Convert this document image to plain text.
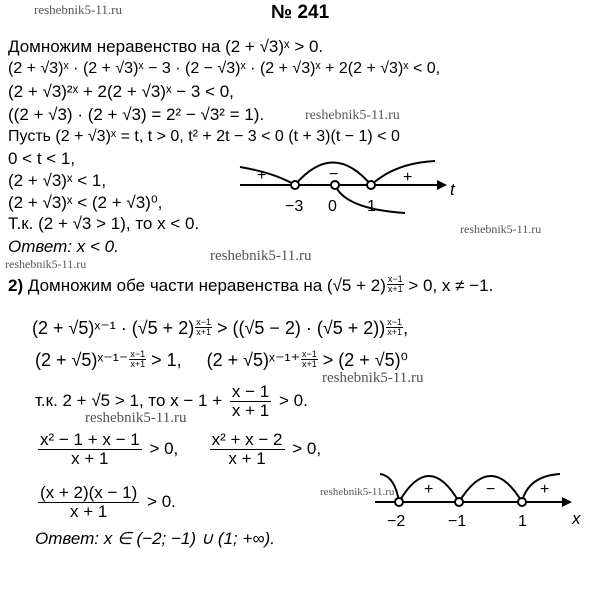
№ 241
reshebnik5-11.ru
reshebnik5-11.ru
reshebnik5-11.ru
reshebnik5-11.ru
reshebnik5-11.ru
reshebnik5-11.ru
reshebnik5-11.ru
reshebnik5-11.ru
Домножим неравенство на (2 + √3)ˣ > 0.
(2 + √3)ˣ · (2 + √3)ˣ − 3 · (2 − √3)ˣ · (2 + √3)ˣ + 2(2 + √3)ˣ < 0,
(2 + √3)²ˣ + 2(2 + √3)ˣ − 3 < 0,
((2 + √3) · (2 + √3) = 2² − √3² = 1).
Пусть (2 + √3)ˣ = t, t > 0, t² + 2t − 3 < 0 (t + 3)(t − 1) < 0
0 < t < 1,
(2 + √3)ˣ < 1,
(2 + √3)ˣ < (2 + √3)⁰,
Т.к. (2 + √3 > 1), то x < 0.
Ответ: x < 0.
+	−	+
−3 0 1
t
2) Домножим обе части неравенства на $(√5 + 2) \frac{x-1}{x+1} > 0$, x ≠ −1.
(2 + √5)ˣ⁻¹ · $(√5 + 2) \frac{x-1}{x+1} > ((√5 - 2) \cdot (√5 + 2)) \frac{x-1}{x+1}$ ,
(2 + √5)ˣ⁻¹⁻ $\frac{x-1}{x+1} > 1$, (2 + √5)ˣ⁻¹⁺ $\frac{x-1}{x+1} > (2 + √5)^0$
т.к. 2 + √5 > 1, то $x - 1 + \frac{x - 1}{x + 1} > 0$.
$\frac{\text{x² − 1 + x − 1}}{x + 1} > 0$, $\frac{\text{x² + x − 2}}{x + 1} > 0$,
$\frac{(x + 2)(x - 1)}{x + 1} > 0$.
Ответ: x ∈ (−2; −1) ∪ (1; +∞).
+	−	+
−2	−1	1	x
